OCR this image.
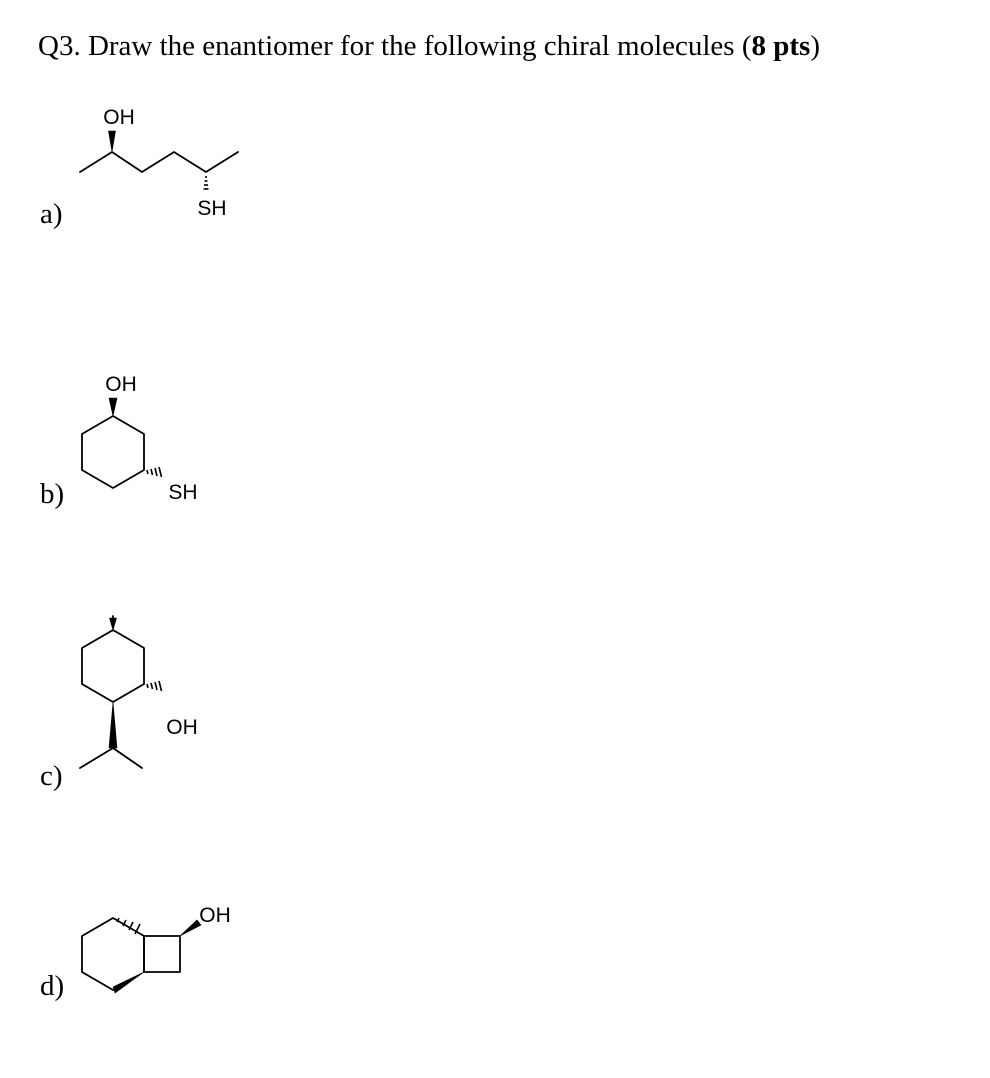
Q3. Draw the enantiomer for the following chiral molecules (8 pts)
a)
b)
c)
d)
OH
SH
OH
SH
OH
OH
